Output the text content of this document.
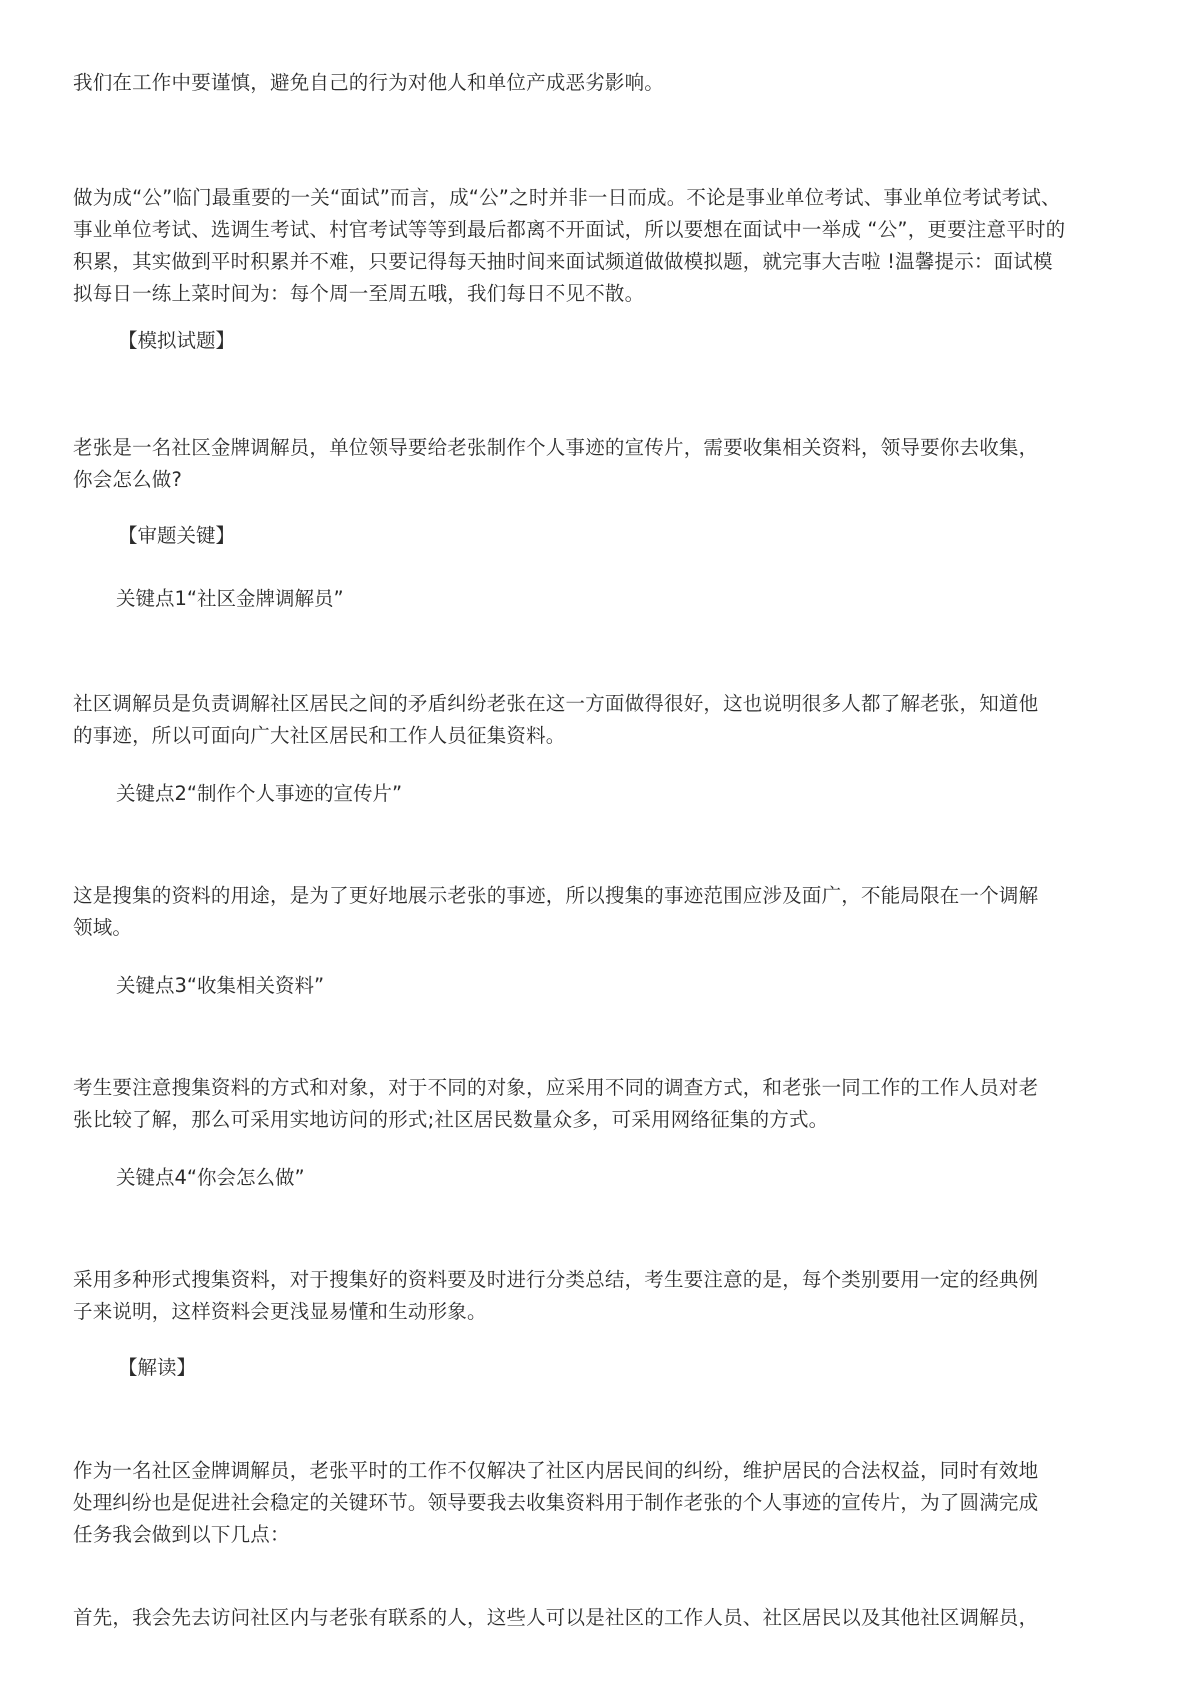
我们在工作中要谨慎，避免自己的行为对他人和单位产成恶劣影响。

做为成“公”临门最重要的一关“面试”而言，成“公”之时并非一日而成。不论是事业单位考试、事业单位考试考试、
事业单位考试、选调生考试、村官考试等等到最后都离不开面试，所以要想在面试中一举成 “公”，更要注意平时的
积累，其实做到平时积累并不难，只要记得每天抽时间来面试频道做做模拟题，就完事大吉啦 !温馨提示：面试模
拟每日一练上菜时间为：每个周一至周五哦，我们每日不见不散。

【模拟试题】

老张是一名社区金牌调解员，单位领导要给老张制作个人事迹的宣传片，需要收集相关资料，领导要你去收集，
你会怎么做?

【审题关键】

关键点1“社区金牌调解员”

社区调解员是负责调解社区居民之间的矛盾纠纷老张在这一方面做得很好，这也说明很多人都了解老张，知道他
的事迹，所以可面向广大社区居民和工作人员征集资料。

关键点2“制作个人事迹的宣传片”

这是搜集的资料的用途，是为了更好地展示老张的事迹，所以搜集的事迹范围应涉及面广，不能局限在一个调解
领域。

关键点3“收集相关资料”

考生要注意搜集资料的方式和对象，对于不同的对象，应采用不同的调查方式，和老张一同工作的工作人员对老
张比较了解，那么可采用实地访问的形式;社区居民数量众多，可采用网络征集的方式。

关键点4“你会怎么做”

采用多种形式搜集资料，对于搜集好的资料要及时进行分类总结，考生要注意的是，每个类别要用一定的经典例
子来说明，这样资料会更浅显易懂和生动形象。

【解读】

作为一名社区金牌调解员，老张平时的工作不仅解决了社区内居民间的纠纷，维护居民的合法权益，同时有效地
处理纠纷也是促进社会稳定的关键环节。领导要我去收集资料用于制作老张的个人事迹的宣传片，为了圆满完成
任务我会做到以下几点：

首先，我会先去访问社区内与老张有联系的人，这些人可以是社区的工作人员、社区居民以及其他社区调解员，
